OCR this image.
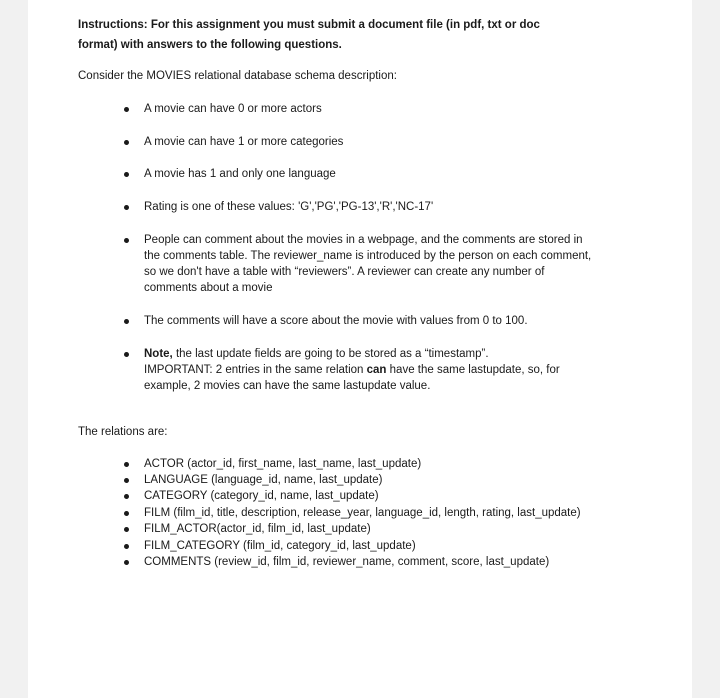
Instructions: For this assignment you must submit a document file (in pdf, txt or doc
format) with answers to the following questions.
Consider the MOVIES relational database schema description:
A movie can have 0 or more actors
A movie can have 1 or more categories
A movie has 1 and only one language
Rating is one of these values: 'G','PG','PG-13','R','NC-17'
People can comment about the movies in a webpage, and the comments are stored in
the comments table. The reviewer_name is introduced by the person on each comment,
so we don't have a table with “reviewers”. A reviewer can create any number of
comments about a movie
The comments will have a score about the movie with values from 0 to 100.
Note, the last update fields are going to be stored as a “timestamp”.
IMPORTANT: 2 entries in the same relation can have the same lastupdate, so, for
example, 2 movies can have the same lastupdate value.
The relations are:
ACTOR (actor_id, first_name, last_name, last_update)
LANGUAGE (language_id, name, last_update)
CATEGORY (category_id, name, last_update)
FILM (film_id, title, description, release_year, language_id, length, rating, last_update)
FILM_ACTOR(actor_id, film_id, last_update)
FILM_CATEGORY (film_id, category_id, last_update)
COMMENTS (review_id, film_id, reviewer_name, comment, score, last_update)
